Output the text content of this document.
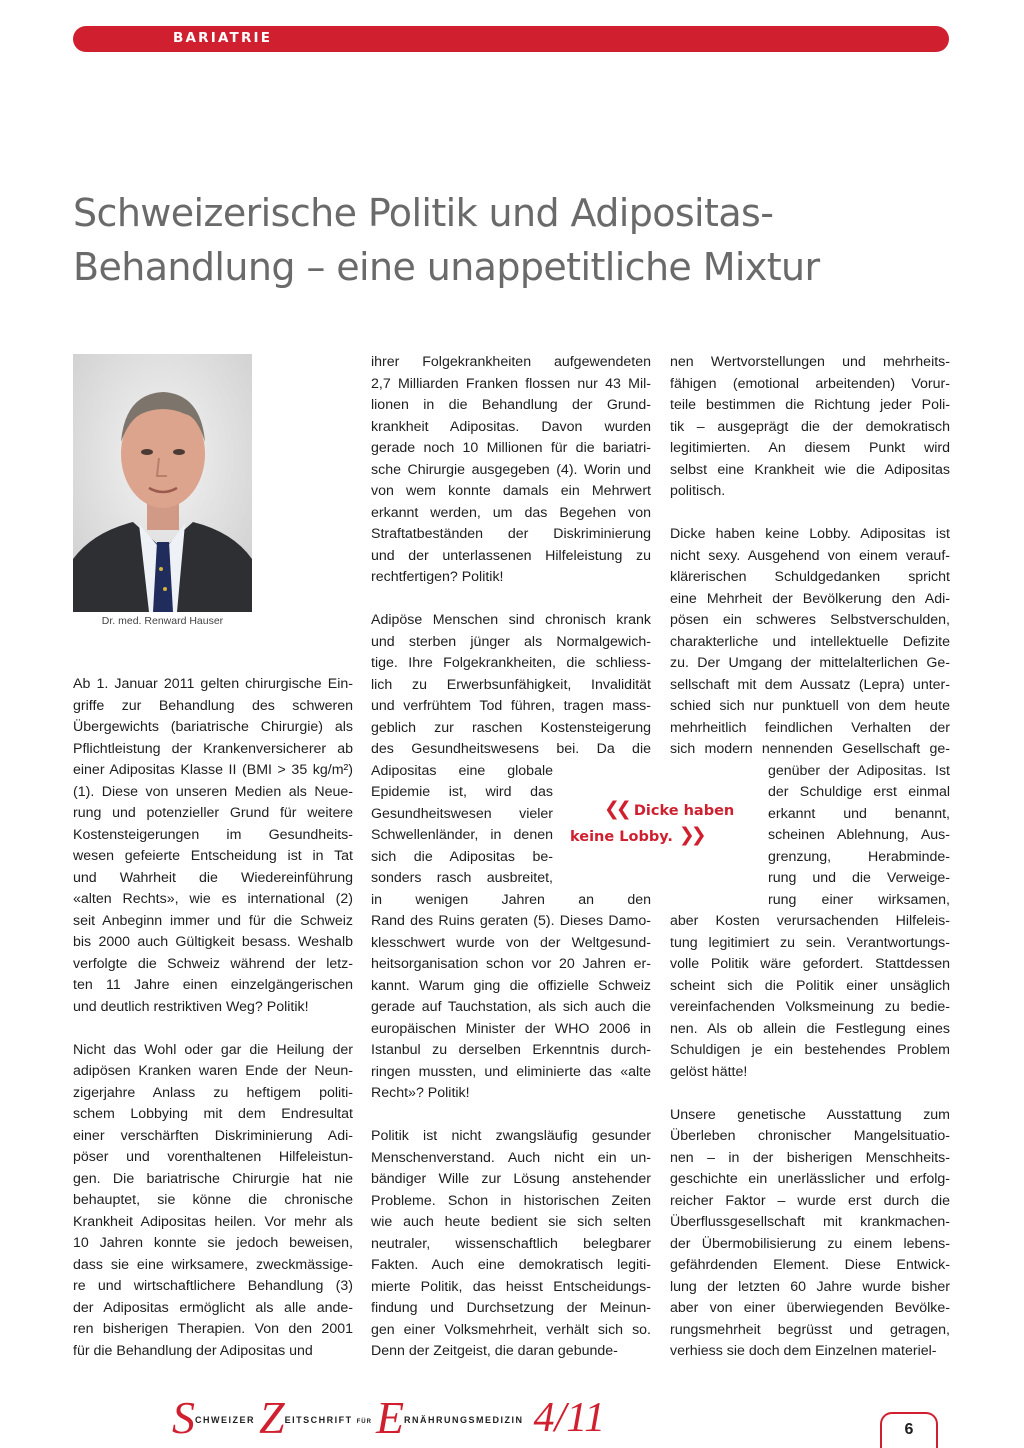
BARIATRIE
Schweizerische Politik und Adipositas-
Behandlung – eine unappetitliche Mixtur
Dr. med. Renward Hauser

Ab 1. Januar 2011 gelten chirurgische Ein-
griffe zur Behandlung des schweren
Übergewichts (bariatrische Chirurgie) als
Pflichtleistung der Krankenversicherer ab
einer Adipositas Klasse II (BMI > 35 kg/m²)
(1). Diese von unseren Medien als Neue-
rung und potenzieller Grund für weitere
Kostensteigerungen im Gesundheits-
wesen gefeierte Entscheidung ist in Tat
und Wahrheit die Wiedereinführung
«alten Rechts», wie es international (2)
seit Anbeginn immer und für die Schweiz
bis 2000 auch Gültigkeit besass. Weshalb
verfolgte die Schweiz während der letz-
ten 11 Jahre einen einzelgängerischen
und deutlich restriktiven Weg? Politik!

Nicht das Wohl oder gar die Heilung der
adipösen Kranken waren Ende der Neun-
zigerjahre Anlass zu heftigem politi-
schem Lobbying mit dem Endresultat
einer verschärften Diskriminierung Adi-
pöser und vorenthaltenen Hilfeleistun-
gen. Die bariatrische Chirurgie hat nie
behauptet, sie könne die chronische
Krankheit Adipositas heilen. Vor mehr als
10 Jahren konnte sie jedoch beweisen,
dass sie eine wirksamere, zweckmässige-
re und wirtschaftlichere Behandlung (3)
der Adipositas ermöglicht als alle ande-
ren bisherigen Therapien. Von den 2001
für die Behandlung der Adipositas und

ihrer Folgekrankheiten aufgewendeten
2,7 Milliarden Franken flossen nur 43 Mil-
lionen in die Behandlung der Grund-
krankheit Adipositas. Davon wurden
gerade noch 10 Millionen für die bariatri-
sche Chirurgie ausgegeben (4). Worin und
von wem konnte damals ein Mehrwert
erkannt werden, um das Begehen von
Straftatbeständen der Diskriminierung
und der unterlassenen Hilfeleistung zu
rechtfertigen? Politik!

Adipöse Menschen sind chronisch krank
und sterben jünger als Normalgewich-
tige. Ihre Folgekrankheiten, die schliess-
lich zu Erwerbsunfähigkeit, Invalidität
und verfrühtem Tod führen, tragen mass-
geblich zur raschen Kostensteigerung
des Gesundheitswesens bei. Da die
Adipositas eine globale
Epidemie ist, wird das
Gesundheitswesen vieler
Schwellenländer, in denen
sich die Adipositas be-
sonders rasch ausbreitet,
in wenigen Jahren an den
Rand des Ruins geraten (5). Dieses Damo-
klesschwert wurde von der Weltgesund-
heitsorganisation schon vor 20 Jahren er-
kannt. Warum ging die offizielle Schweiz
gerade auf Tauchstation, als sich auch die
europäischen Minister der WHO 2006 in
Istanbul zu derselben Erkenntnis durch-
ringen mussten, und eliminierte das «alte
Recht»? Politik!

Politik ist nicht zwangsläufig gesunder
Menschenverstand. Auch nicht ein un-
bändiger Wille zur Lösung anstehender
Probleme. Schon in historischen Zeiten
wie auch heute bedient sie sich selten
neutraler, wissenschaftlich belegbarer
Fakten. Auch eine demokratisch legiti-
mierte Politik, das heisst Entscheidungs-
findung und Durchsetzung der Meinun-
gen einer Volksmehrheit, verhält sich so.
Denn der Zeitgeist, die daran gebunde-

nen Wertvorstellungen und mehrheits-
fähigen (emotional arbeitenden) Vorur-
teile bestimmen die Richtung jeder Poli-
tik – ausgeprägt die der demokratisch
legitimierten. An diesem Punkt wird
selbst eine Krankheit wie die Adipositas
politisch.

Dicke haben keine Lobby. Adipositas ist
nicht sexy. Ausgehend von einem verauf-
klärerischen Schuldgedanken spricht
eine Mehrheit der Bevölkerung den Adi-
pösen ein schweres Selbstverschulden,
charakterliche und intellektuelle Defizite
zu. Der Umgang der mittelalterlichen Ge-
sellschaft mit dem Aussatz (Lepra) unter-
schied sich nur punktuell von dem heute
mehrheitlich feindlichen Verhalten der
sich modern nennenden Gesellschaft ge-
genüber der Adipositas. Ist
der Schuldige erst einmal
erkannt und benannt,
scheinen Ablehnung, Aus-
grenzung, Herabminde-
rung und die Verweige-
rung einer wirksamen,
aber Kosten verursachenden Hilfeleis-
tung legitimiert zu sein. Verantwortungs-
volle Politik wäre gefordert. Stattdessen
scheint sich die Politik einer unsäglich
vereinfachenden Volksmeinung zu bedie-
nen. Als ob allein die Festlegung eines
Schuldigen je ein bestehendes Problem
gelöst hätte!

Unsere genetische Ausstattung zum
Überleben chronischer Mangelsituatio-
nen – in der bisherigen Menschheits-
geschichte ein unerlässlicher und erfolg-
reicher Faktor – wurde erst durch die
Überflussgesellschaft mit krankmachen-
der Übermobilisierung zu einem lebens-
gefährdenden Element. Diese Entwick-
lung der letzten 60 Jahre wurde bisher
aber von einer überwiegenden Bevölke-
rungsmehrheit begrüsst und getragen,
verhiess sie doch dem Einzelnen materiel-

❮❮ Dicke haben
keine Lobby. ❯❯
$S^{CHWEIZER}Z^{EITSCHRIFT}$ $^{FÜR}E^{RNÄHRUNGSMEDIZIN}$ 4/11	6
